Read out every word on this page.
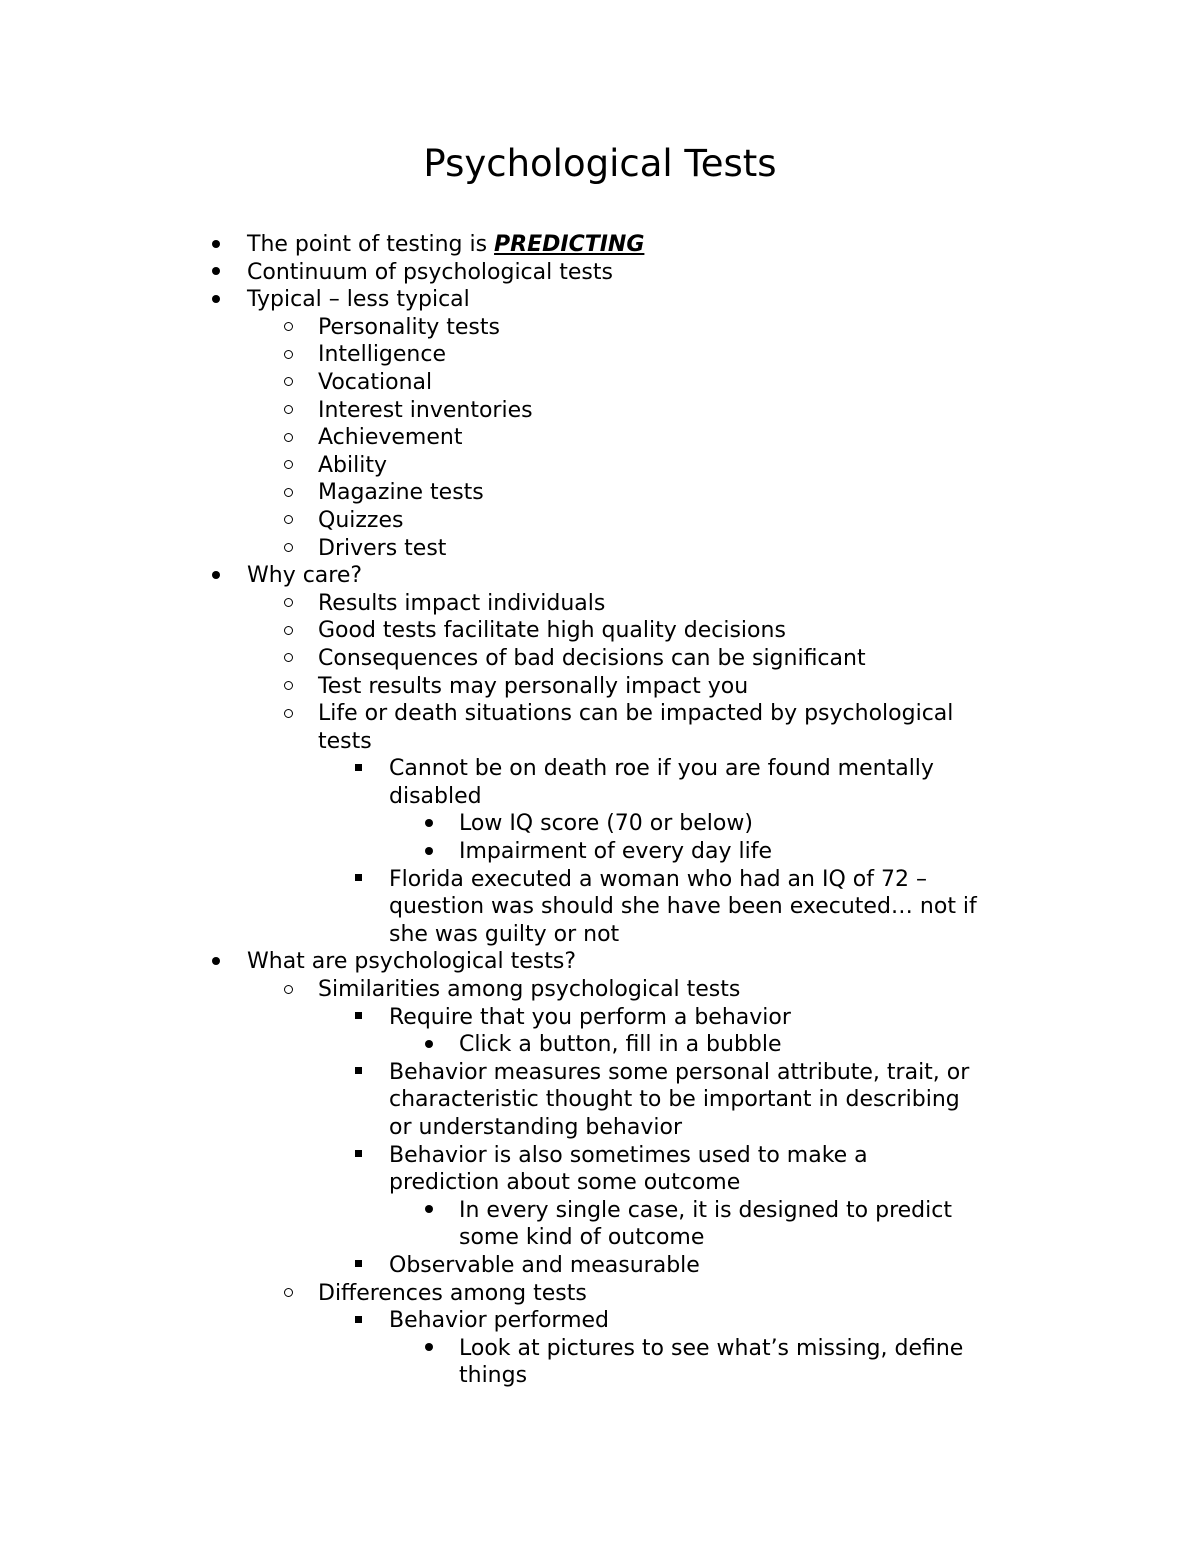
Psychological Tests
The point of testing is PREDICTING
Continuum of psychological tests
Typical – less typical
Personality tests
Intelligence
Vocational
Interest inventories
Achievement
Ability
Magazine tests
Quizzes
Drivers test
Why care?
Results impact individuals
Good tests facilitate high quality decisions
Consequences of bad decisions can be significant
Test results may personally impact you
Life or death situations can be impacted by psychological
tests
Cannot be on death roe if you are found mentally
disabled
Low IQ score (70 or below)
Impairment of every day life
Florida executed a woman who had an IQ of 72 –
question was should she have been executed… not if
she was guilty or not
What are psychological tests?
Similarities among psychological tests
Require that you perform a behavior
Click a button, fill in a bubble
Behavior measures some personal attribute, trait, or
characteristic thought to be important in describing
or understanding behavior
Behavior is also sometimes used to make a
prediction about some outcome
In every single case, it is designed to predict
some kind of outcome
Observable and measurable
Differences among tests
Behavior performed
Look at pictures to see what’s missing, define
things
